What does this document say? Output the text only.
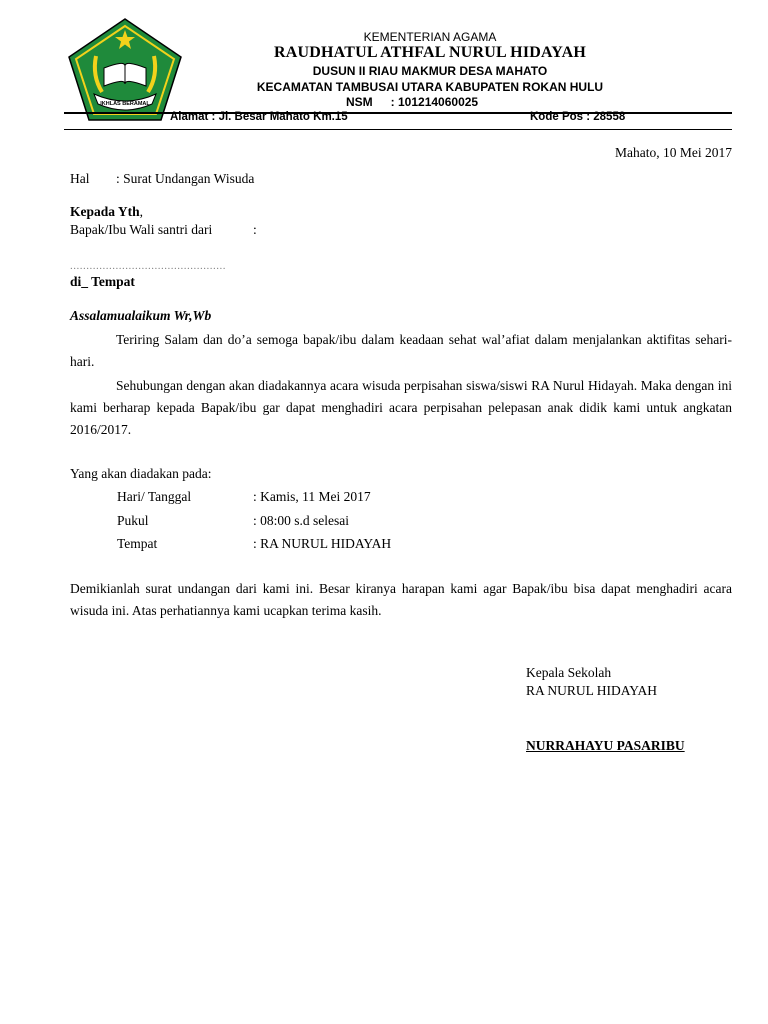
IKHLAS BERAMAL
KEMENTERIAN AGAMA
RAUDHATUL ATHFAL NURUL HIDAYAH
DUSUN II RIAU MAKMUR DESA MAHATO
KECAMATAN TAMBUSAI UTARA KABUPATEN ROKAN HULU
NSM : 101214060025
Alamat : Jl. Besar Mahato Km.15	Kode Pos : 28558
Mahato, 10 Mei 2017
Hal : Surat Undangan Wisuda
Kepada Yth,
Bapak/Ibu Wali santri dari	:
................................................
di_ Tempat
Assalamualaikum Wr,Wb
Teriring Salam dan do’a semoga bapak/ibu dalam keadaan sehat wal’afiat dalam menjalankan aktifitas sehari-hari.
Sehubungan dengan akan diadakannya acara wisuda perpisahan siswa/siswi RA Nurul Hidayah. Maka dengan ini kami berharap kepada Bapak/ibu gar dapat menghadiri acara perpisahan pelepasan anak didik kami untuk angkatan 2016/2017.
Yang akan diadakan pada:
Hari/ Tanggal	: Kamis, 11 Mei 2017
Pukul	: 08:00 s.d selesai
Tempat	: RA NURUL HIDAYAH
Demikianlah surat undangan dari kami ini. Besar kiranya harapan kami agar Bapak/ibu bisa dapat menghadiri acara wisuda ini. Atas perhatiannya kami ucapkan terima kasih.
Kepala Sekolah
RA NURUL HIDAYAH
NURRAHAYU PASARIBU
